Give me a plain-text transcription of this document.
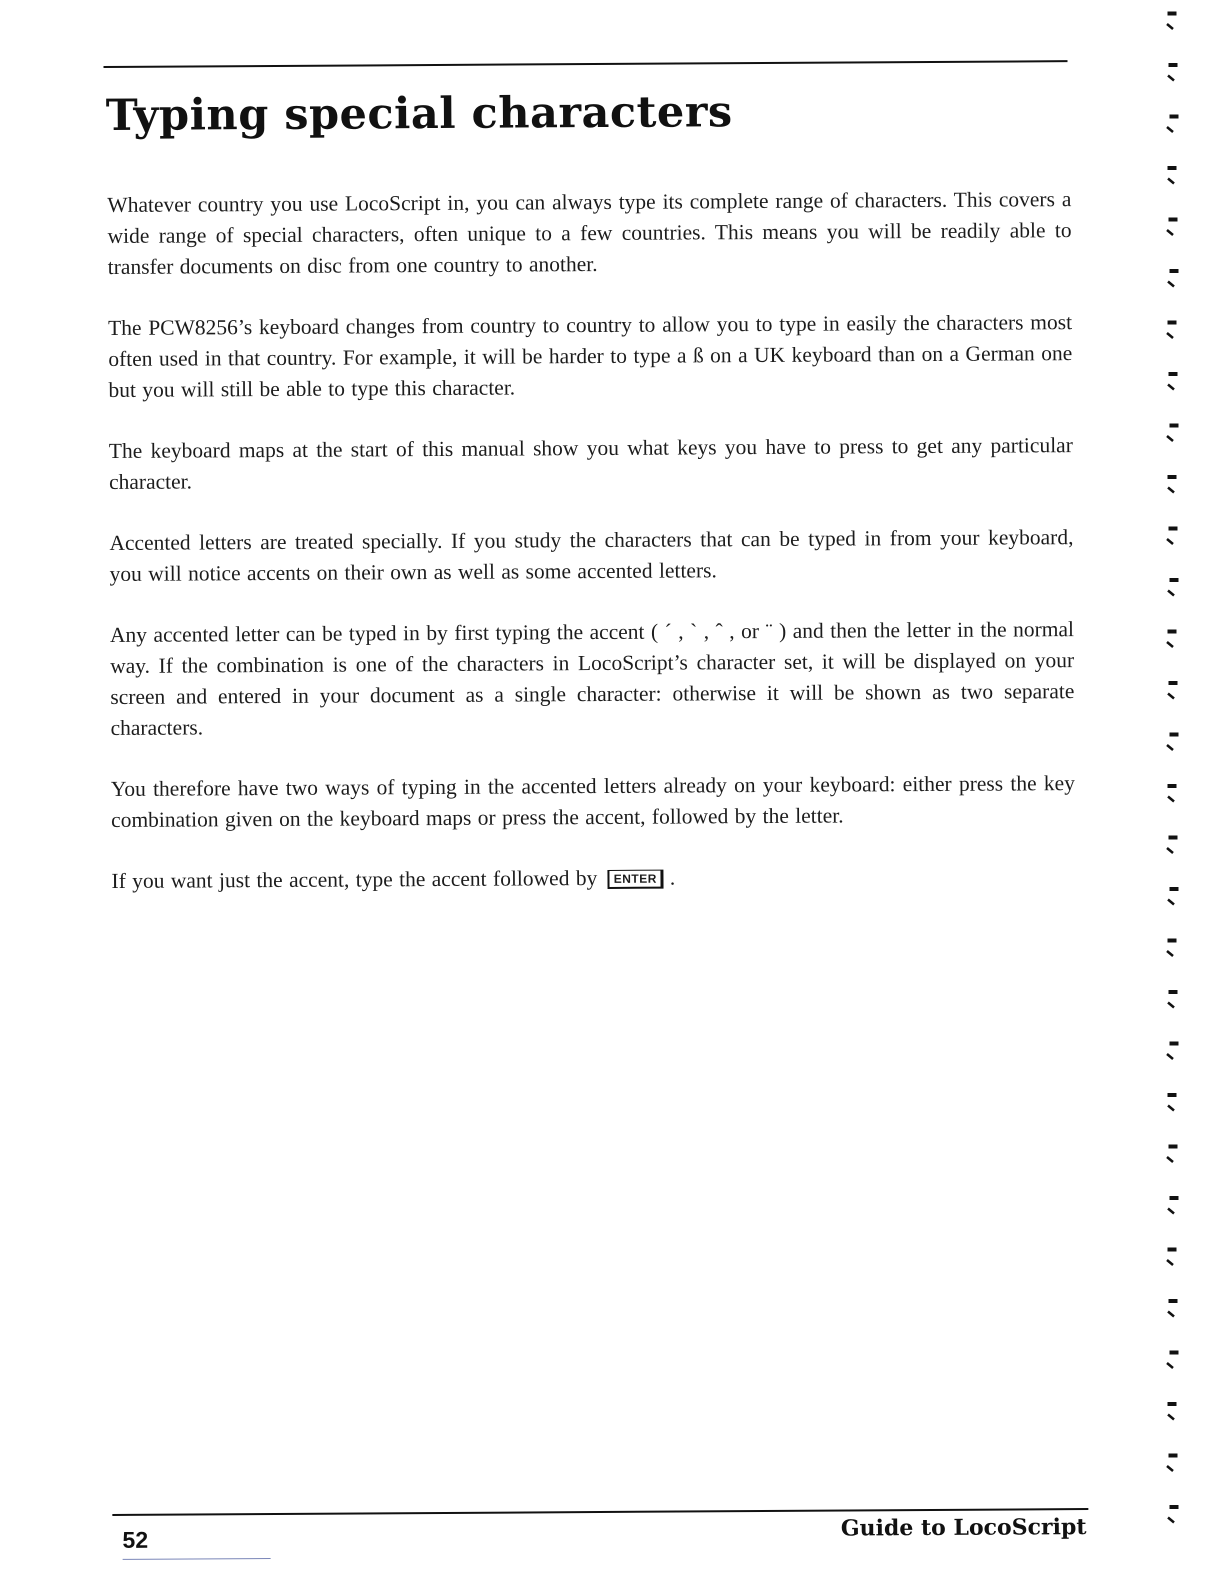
Typing special characters

Whatever country you use LocoScript in, you can always type its complete range of characters. This covers a wide range of special characters, often unique to a few countries. This means you will be readily able to transfer documents on disc from one country to another.

The PCW8256’s keyboard changes from country to country to allow you to type in easily the characters most often used in that country. For example, it will be harder to type a ß on a UK keyboard than on a German one but you will still be able to type this character.

The keyboard maps at the start of this manual show you what keys you have to press to get any particular character.

Accented letters are treated specially. If you study the characters that can be typed in from your keyboard, you will notice accents on their own as well as some accented letters.

Any accented letter can be typed in by first typing the accent ( ´ , ` , ˆ , or ¨ ) and then the letter in the normal way. If the combination is one of the characters in LocoScript’s character set, it will be displayed on your screen and entered in your document as a single character: otherwise it will be shown as two separate characters.

You therefore have two ways of typing in the accented letters already on your keyboard: either press the key combination given on the keyboard maps or press the accent, followed by the letter.

If you want just the accent, type the accent followed by ENTER .

52	Guide to LocoScript
